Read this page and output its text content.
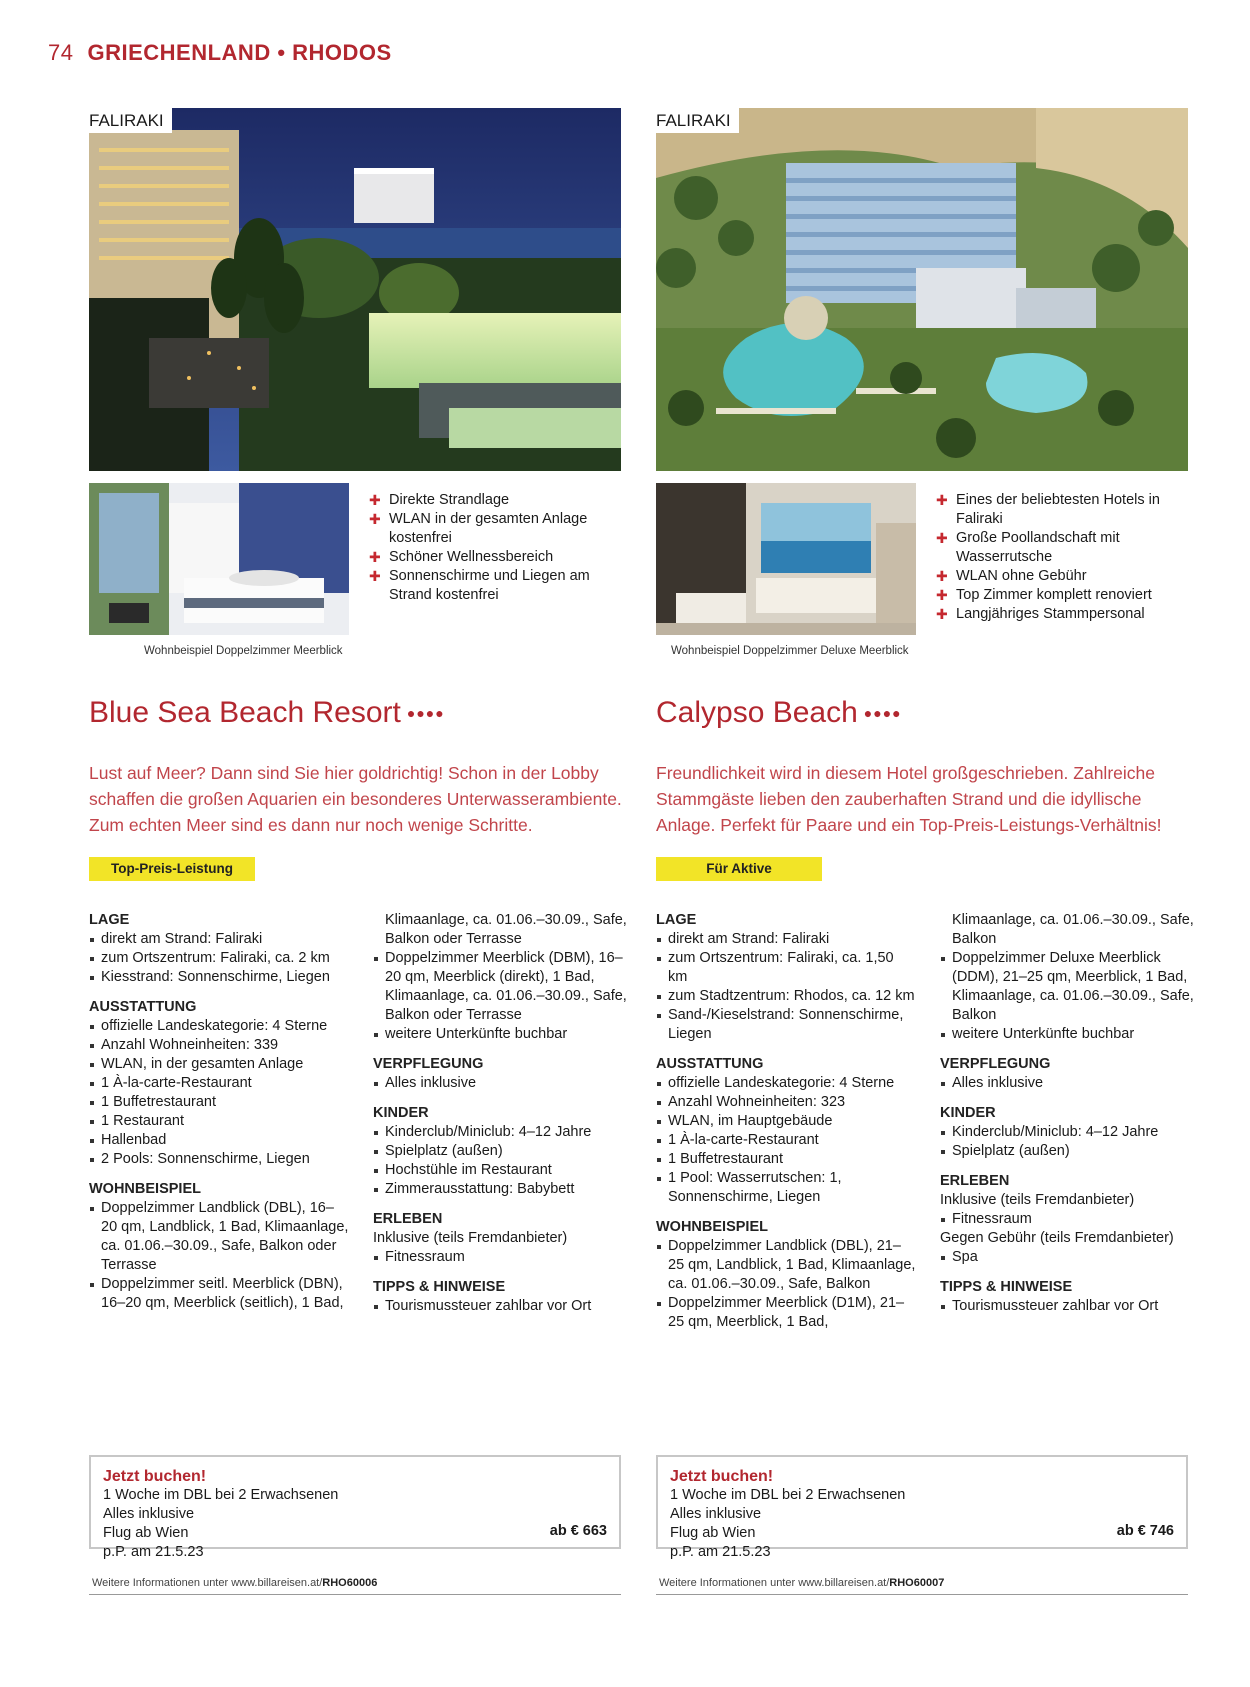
74 GRIECHENLAND • RHODOS
FALIRAKI
Wohnbeispiel Doppelzimmer Meerblick
✚ Direkte Strandlage
✚ WLAN in der gesamten Anlage kostenfrei
✚ Schöner Wellnessbereich
✚ Sonnenschirme und Liegen am Strand kostenfrei
Blue Sea Beach Resort ●●●●
Lust auf Meer? Dann sind Sie hier goldrichtig! Schon in der Lobby schaffen die großen Aquarien ein besonderes Unterwasserambiente. Zum echten Meer sind es dann nur noch wenige Schritte.
Top-Preis-Leistung
LAGE
direkt am Strand: Faliraki
zum Ortszentrum: Faliraki, ca. 2 km
Kiesstrand: Sonnenschirme, Liegen
AUSSTATTUNG
offizielle Landeskategorie: 4 Sterne
Anzahl Wohneinheiten: 339
WLAN, in der gesamten Anlage
1 À-la-carte-Restaurant
1 Buffetrestaurant
1 Restaurant
Hallenbad
2 Pools: Sonnenschirme, Liegen
WOHNBEISPIEL
Doppelzimmer Landblick (DBL), 16–20 qm, Landblick, 1 Bad, Klimaanlage, ca. 01.06.–30.09., Safe, Balkon oder Terrasse
Doppelzimmer seitl. Meerblick (DBN), 16–20 qm, Meerblick (seitlich), 1 Bad,
Klimaanlage, ca. 01.06.–30.09., Safe, Balkon oder Terrasse
Doppelzimmer Meerblick (DBM), 16–20 qm, Meerblick (direkt), 1 Bad, Klimaanlage, ca. 01.06.–30.09., Safe, Balkon oder Terrasse
weitere Unterkünfte buchbar
VERPFLEGUNG
Alles inklusive
KINDER
Kinderclub/Miniclub: 4–12 Jahre
Spielplatz (außen)
Hochstühle im Restaurant
Zimmerausstattung: Babybett
ERLEBEN
Inklusive (teils Fremdanbieter)
Fitnessraum
TIPPS & HINWEISE
Tourismussteuer zahlbar vor Ort
Jetzt buchen!
1 Woche im DBL bei 2 Erwachsenen
Alles inklusive
Flug ab Wien
p.P. am 21.5.23
ab € 663
Weitere Informationen unter www.billareisen.at/RHO60006
FALIRAKI
Wohnbeispiel Doppelzimmer Deluxe Meerblick
✚ Eines der beliebtesten Hotels in Faliraki
✚ Große Poollandschaft mit Wasserrutsche
✚ WLAN ohne Gebühr
✚ Top Zimmer komplett renoviert
✚ Langjähriges Stammpersonal
Calypso Beach ●●●●
Freundlichkeit wird in diesem Hotel großgeschrieben. Zahlreiche Stammgäste lieben den zauberhaften Strand und die idyllische Anlage. Perfekt für Paare und ein Top-Preis-Leistungs-Verhältnis!
Für Aktive
LAGE
direkt am Strand: Faliraki
zum Ortszentrum: Faliraki, ca. 1,50 km
zum Stadtzentrum: Rhodos, ca. 12 km
Sand-/Kieselstrand: Sonnenschirme, Liegen
AUSSTATTUNG
offizielle Landeskategorie: 4 Sterne
Anzahl Wohneinheiten: 323
WLAN, im Hauptgebäude
1 À-la-carte-Restaurant
1 Buffetrestaurant
1 Pool: Wasserrutschen: 1, Sonnenschirme, Liegen
WOHNBEISPIEL
Doppelzimmer Landblick (DBL), 21–25 qm, Landblick, 1 Bad, Klimaanlage, ca. 01.06.–30.09., Safe, Balkon
Doppelzimmer Meerblick (D1M), 21–25 qm, Meerblick, 1 Bad,
Klimaanlage, ca. 01.06.–30.09., Safe, Balkon
Doppelzimmer Deluxe Meerblick (DDM), 21–25 qm, Meerblick, 1 Bad, Klimaanlage, ca. 01.06.–30.09., Safe, Balkon
weitere Unterkünfte buchbar
VERPFLEGUNG
Alles inklusive
KINDER
Kinderclub/Miniclub: 4–12 Jahre
Spielplatz (außen)
ERLEBEN
Inklusive (teils Fremdanbieter)
Fitnessraum
Gegen Gebühr (teils Fremdanbieter)
Spa
TIPPS & HINWEISE
Tourismussteuer zahlbar vor Ort
Jetzt buchen!
1 Woche im DBL bei 2 Erwachsenen
Alles inklusive
Flug ab Wien
p.P. am 21.5.23
ab € 746
Weitere Informationen unter www.billareisen.at/RHO60007
